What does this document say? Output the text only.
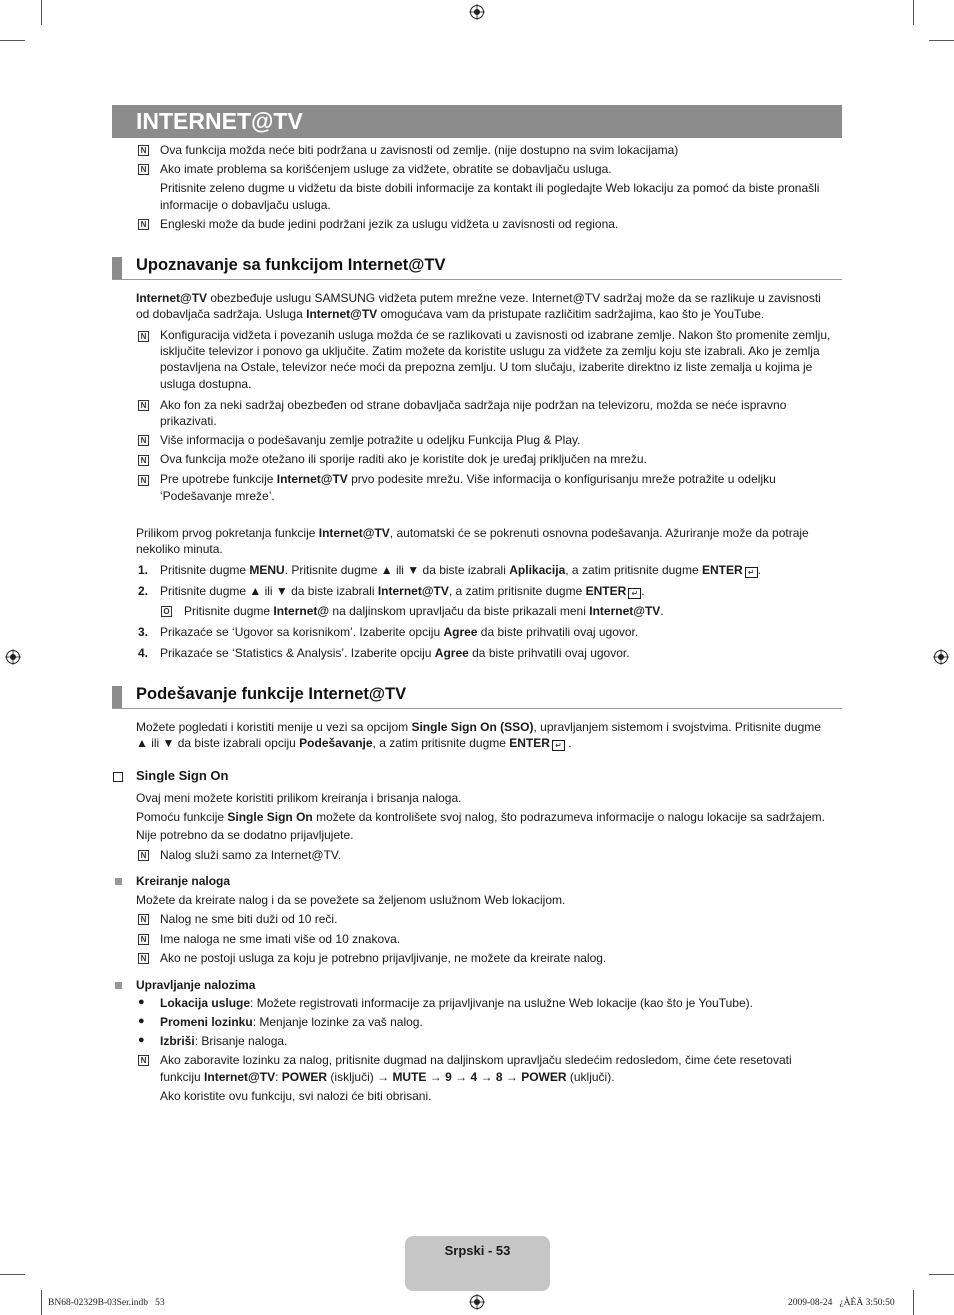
INTERNET@TV
N Ova funkcija možda neće biti podržana u zavisnosti od zemlje. (nije dostupno na svim lokacijama)
N Ako imate problema sa korišćenjem usluge za vidžete, obratite se dobavljaču usluga.
Pritisnite zeleno dugme u vidžetu da biste dobili informacije za kontakt ili pogledajte Web lokaciju za pomoć da biste pronašli
informacije o dobavljaču usluga.
N Engleski može da bude jedini podržani jezik za uslugu vidžeta u zavisnosti od regiona.
Upoznavanje sa funkcijom Internet@TV
Internet@TV obezbeđuje uslugu SAMSUNG vidžeta putem mrežne veze. Internet@TV sadržaj može da se razlikuje u zavisnosti
od dobavljača sadržaja. Usluga Internet@TV omogućava vam da pristupate različitim sadržajima, kao što je YouTube.
N Konfiguracija vidžeta i povezanih usluga možda će se razlikovati u zavisnosti od izabrane zemlje. Nakon što promenite zemlju,
isključite televizor i ponovo ga uključite. Zatim možete da koristite uslugu za vidžete za zemlju koju ste izabrali. Ako je zemlja
postavljena na Ostale, televizor neće moći da prepozna zemlju. U tom slučaju, izaberite direktno iz liste zemalja u kojima je
usluga dostupna.
N Ako fon za neki sadržaj obezbeđen od strane dobavljača sadržaja nije podržan na televizoru, možda se neće ispravno
prikazivati.
N Više informacija o podešavanju zemlje potražite u odeljku Funkcija Plug & Play.
N Ova funkcija može otežano ili sporije raditi ako je koristite dok je uređaj priključen na mrežu.
N Pre upotrebe funkcije Internet@TV prvo podesite mrežu. Više informacija o konfigurisanju mreže potražite u odeljku
‘Podešavanje mreže’.
Prilikom prvog pokretanja funkcije Internet@TV, automatski će se pokrenuti osnovna podešavanja. Ažuriranje može da potraje
nekoliko minuta.
1. Pritisnite dugme MENU. Pritisnite dugme ▲ ili ▼ da biste izabrali Aplikacija, a zatim pritisnite dugme ENTER ↵ .
2. Pritisnite dugme ▲ ili ▼ da biste izabrali Internet@TV, a zatim pritisnite dugme ENTER ↵ .
O Pritisnite dugme Internet@ na daljinskom upravljaču da biste prikazali meni Internet@TV.
3. Prikazaće se ‘Ugovor sa korisnikom’. Izaberite opciju Agree da biste prihvatili ovaj ugovor.
4. Prikazaće se ‘Statistics & Analysis’. Izaberite opciju Agree da biste prihvatili ovaj ugovor.
Podešavanje funkcije Internet@TV
Možete pogledati i koristiti menije u vezi sa opcijom Single Sign On (SSO), upravljanjem sistemom i svojstvima. Pritisnite dugme
▲ ili ▼ da biste izabrali opciju Podešavanje, a zatim pritisnite dugme ENTER ↵ .
Single Sign On
Ovaj meni možete koristiti prilikom kreiranja i brisanja naloga.
Pomoću funkcije Single Sign On možete da kontrolišete svoj nalog, što podrazumeva informacije o nalogu lokacije sa sadržajem.
Nije potrebno da se dodatno prijavljujete.
N Nalog služi samo za Internet@TV.
Kreiranje naloga
Možete da kreirate nalog i da se povežete sa željenom uslužnom Web lokacijom.
N Nalog ne sme biti duži od 10 reči.
N Ime naloga ne sme imati više od 10 znakova.
N Ako ne postoji usluga za koju je potrebno prijavljivanje, ne možete da kreirate nalog.
Upravljanje nalozima
● Lokacija usluge: Možete registrovati informacije za prijavljivanje na uslužne Web lokacije (kao što je YouTube).
● Promeni lozinku: Menjanje lozinke za vaš nalog.
● Izbriši: Brisanje naloga.
N Ako zaboravite lozinku za nalog, pritisnite dugmad na daljinskom upravljaču sledećim redosledom, čime ćete resetovati
funkciju Internet@TV: POWER (isključi) → MUTE → 9 → 4 → 8 → POWER (uključi).
Ako koristite ovu funkciju, svi nalozi će biti obrisani.
Srpski - 53
BN68-02329B-03Ser.indb   53	2009-08-24   ¿ÀÈÄ 3:50:50
